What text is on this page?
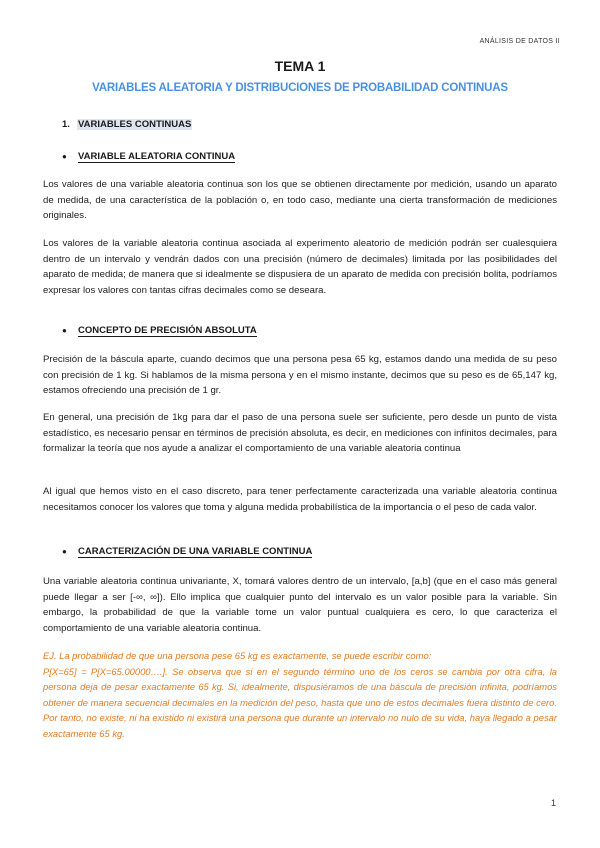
ANÁLISIS DE DATOS II
TEMA 1
VARIABLES ALEATORIA Y DISTRIBUCIONES DE PROBABILIDAD CONTINUAS
1. VARIABLES CONTINUAS
● VARIABLE ALEATORIA CONTINUA
Los valores de una variable aleatoria continua son los que se obtienen directamente por medición, usando un aparato de medida, de una característica de la población o, en todo caso, mediante una cierta transformación de mediciones originales.
Los valores de la variable aleatoria continua asociada al experimento aleatorio de medición podrán ser cualesquiera dentro de un intervalo y vendrán dados con una precisión (número de decimales) limitada por las posibilidades del aparato de medida; de manera que si idealmente se dispusiera de un aparato de medida con precisión bolita, podríamos expresar los valores con tantas cifras decimales como se deseara.
● CONCEPTO DE PRECISIÓN ABSOLUTA
Precisión de la báscula aparte, cuando decimos que una persona pesa 65 kg, estamos dando una medida de su peso con precisión de 1 kg. Si hablamos de la misma persona y en el mismo instante, decimos que su peso es de 65,147 kg, estamos ofreciendo una precisión de 1 gr.
En general, una precisión de 1kg para dar el paso de una persona suele ser suficiente, pero desde un punto de vista estadístico, es necesario pensar en términos de precisión absoluta, es decir, en mediciones con infinitos decimales, para formalizar la teoría que nos ayude a analizar el comportamiento de una variable aleatoria continua
Al igual que hemos visto en el caso discreto, para tener perfectamente caracterizada una variable aleatoria continua necesitamos conocer los valores que toma y alguna medida probabilística de la importancia o el peso de cada valor.
● CARACTERIZACIÓN DE UNA VARIABLE CONTINUA
Una variable aleatoria continua univariante, X, tomará valores dentro de un intervalo, [a,b] (que en el caso más general puede llegar a ser [-∞, ∞]). Ello implica que cualquier punto del intervalo es un valor posible para la variable. Sin embargo, la probabilidad de que la variable tome un valor puntual cualquiera es cero, lo que caracteriza el comportamiento de una variable aleatoria continua.
EJ. La probabilidad de que una persona pese 65 kg es exactamente, se puede escribir como:
P[X=65] = P[X=65.00000….]. Se observa que si en el segundo término uno de los ceros se cambia por otra cifra, la persona deja de pesar exactamente 65 kg. Si, idealmente, dispusiéramos de una báscula de precisión infinita, podríamos obtener de manera secuencial decimales en la medición del peso, hasta que uno de estos decimales fuera distinto de cero. Por tanto, no existe, ni ha existido ni existirá una persona que durante un intervalo no nulo de su vida, haya llegado a pesar exactamente 65 kg.
1
